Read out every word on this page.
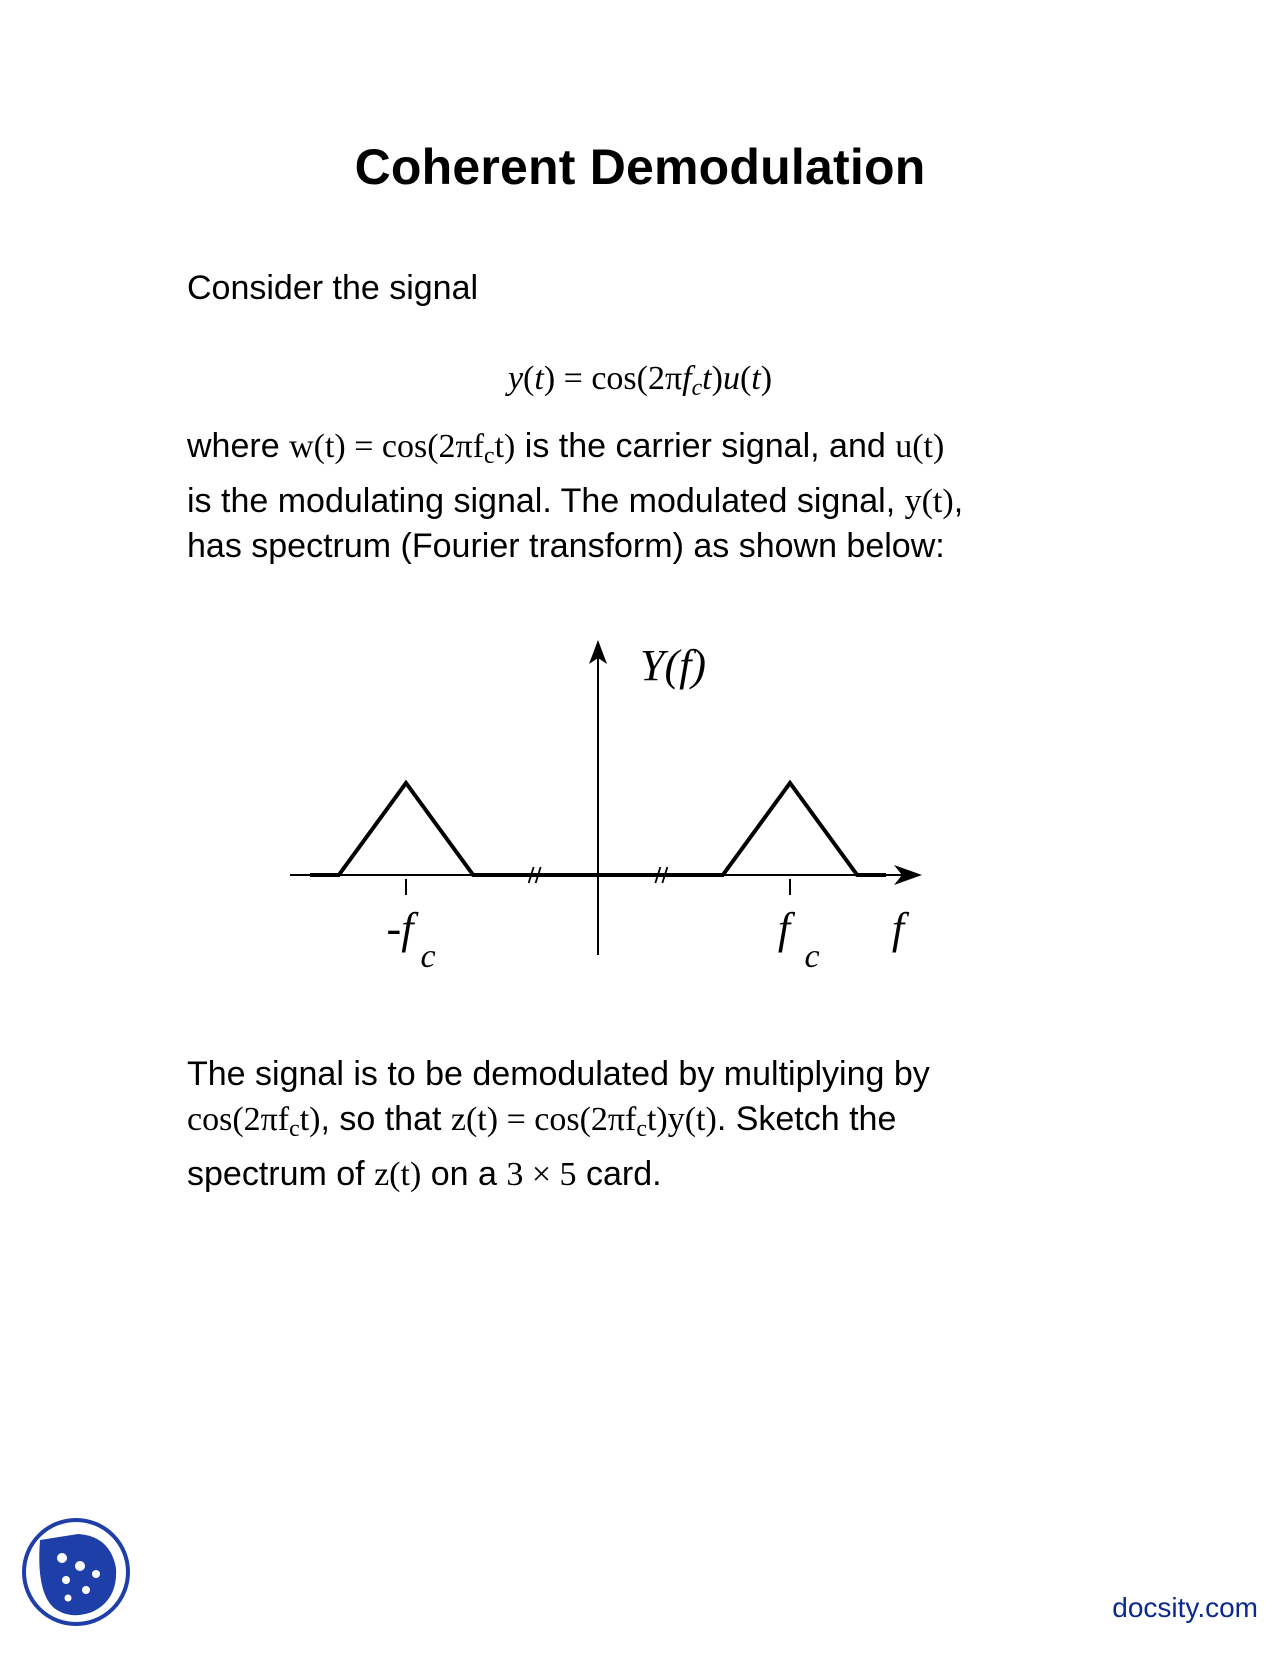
Coherent Demodulation
Consider the signal
$y(t) = \cos(2\pi f_ct)u(t)$
where $w(t) = \cos(2\pi f_ct)$ is the carrier signal, and u(t)
is the modulating signal. The modulated signal, y(t),
has spectrum (Fourier transform) as shown below:
-f
c
f
c
f
Y(f)
The signal is to be demodulated by multiplying by
$\cos(2\pi f_ct)$, so that $z(t) = \cos(2\pi f_ct)y(t)$. Sketch the
spectrum of z(t) on a 3 × 5 card.
docsity.com
